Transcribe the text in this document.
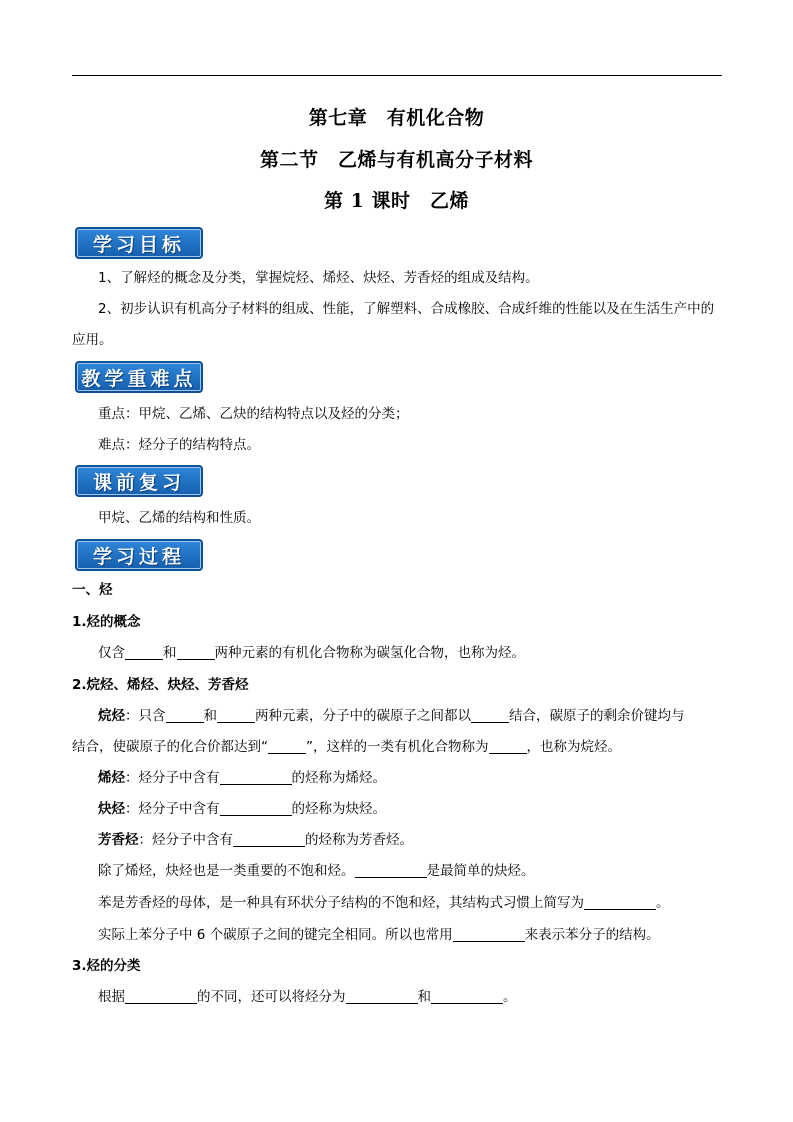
第七章　有机化合物
第二节　乙烯与有机高分子材料
第 1 课时　乙烯
学习目标
1、了解烃的概念及分类，掌握烷烃、烯烃、炔烃、芳香烃的组成及结构。
2、初步认识有机高分子材料的组成、性能，了解塑料、合成橡胶、合成纤维的性能以及在生活生产中的
应用。
教学重难点
重点：甲烷、乙烯、乙炔的结构特点以及烃的分类；
难点：烃分子的结构特点。
课前复习
甲烷、乙烯的结构和性质。
学习过程
一、烃
1.烃的概念
仅含	和	两种元素的有机化合物称为碳氢化合物，也称为烃。
2.烷烃、烯烃、炔烃、芳香烃
烷烃：只含	和	两种元素，分子中的碳原子之间都以	结合，碳原子的剩余价键均与
结合，使碳原子的化合价都达到“	”，这样的一类有机化合物称为	，也称为烷烃。
烯烃：烃分子中含有	的烃称为烯烃。
炔烃：烃分子中含有	的烃称为炔烃。
芳香烃：烃分子中含有	的烃称为芳香烃。
除了烯烃，炔烃也是一类重要的不饱和烃。	是最简单的炔烃。
苯是芳香烃的母体，是一种具有环状分子结构的不饱和烃，其结构式习惯上简写为	。
实际上苯分子中 6 个碳原子之间的键完全相同。所以也常用	来表示苯分子的结构。
3.烃的分类
根据	的不同，还可以将烃分为	和	。
